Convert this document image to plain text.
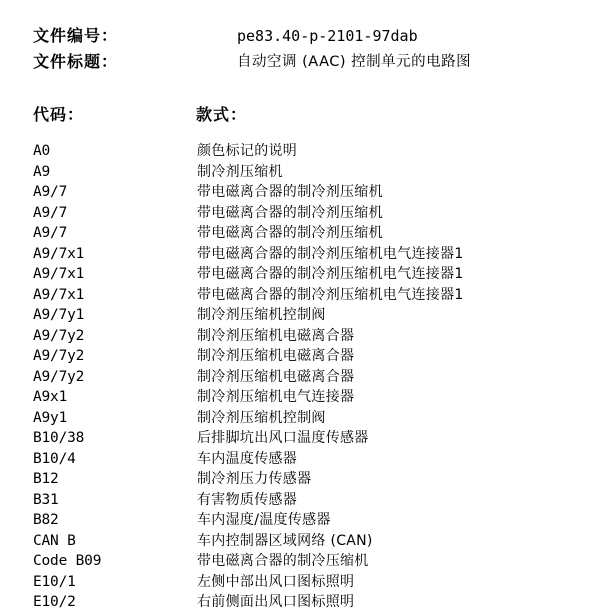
文件编号：	pe83.40-p-2101-97dab
文件标题：	自动空调 (AAC) 控制单元的电路图
代码：	款式：
A0	颜色标记的说明
A9	制冷剂压缩机
A9/7	带电磁离合器的制冷剂压缩机
A9/7	带电磁离合器的制冷剂压缩机
A9/7	带电磁离合器的制冷剂压缩机
A9/7x1	带电磁离合器的制冷剂压缩机电气连接器1
A9/7x1	带电磁离合器的制冷剂压缩机电气连接器1
A9/7x1	带电磁离合器的制冷剂压缩机电气连接器1
A9/7y1	制冷剂压缩机控制阀
A9/7y2	制冷剂压缩机电磁离合器
A9/7y2	制冷剂压缩机电磁离合器
A9/7y2	制冷剂压缩机电磁离合器
A9x1	制冷剂压缩机电气连接器
A9y1	制冷剂压缩机控制阀
B10/38	后排脚坑出风口温度传感器
B10/4	车内温度传感器
B12	制冷剂压力传感器
B31	有害物质传感器
B82	车内湿度/温度传感器
CAN B	车内控制器区域网络 (CAN)
Code B09	带电磁离合器的制冷压缩机
E10/1	左侧中部出风口图标照明
E10/2	右前侧面出风口图标照明
